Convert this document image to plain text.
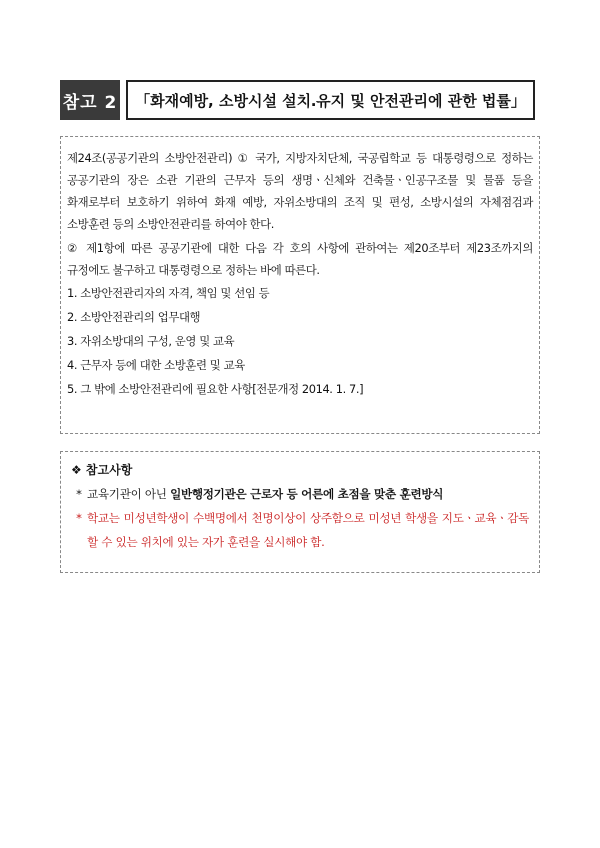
참고 2	｢화재예방, 소방시설 설치․유지 및 안전관리에 관한 법률｣
제24조(공공기관의 소방안전관리) ① 국가, 지방자치단체, 국공립학교 등 대통령령으로 정하는 공공기관의 장은 소관 기관의 근무자 등의 생명ㆍ신체와 건축물ㆍ인공구조물 및 물품 등을 화재로부터 보호하기 위하여 화재 예방, 자위소방대의 조직 및 편성, 소방시설의 자체점검과 소방훈련 등의 소방안전관리를 하여야 한다.
② 제1항에 따른 공공기관에 대한 다음 각 호의 사항에 관하여는 제20조부터 제23조까지의 규정에도 불구하고 대통령령으로 정하는 바에 따른다.
1. 소방안전관리자의 자격, 책임 및 선임 등
2. 소방안전관리의 업무대행
3. 자위소방대의 구성, 운영 및 교육
4. 근무자 등에 대한 소방훈련 및 교육
5. 그 밖에 소방안전관리에 필요한 사항[전문개정 2014. 1. 7.]
❖ 참고사항
* 교육기관이 아닌 일반행정기관은 근로자 등 어른에 초점을 맞춘 훈련방식
* 학교는 미성년학생이 수백명에서 천명이상이 상주함으로 미성년 학생을 지도ㆍ교육ㆍ감독할 수 있는 위치에 있는 자가 훈련을 실시해야 함.
